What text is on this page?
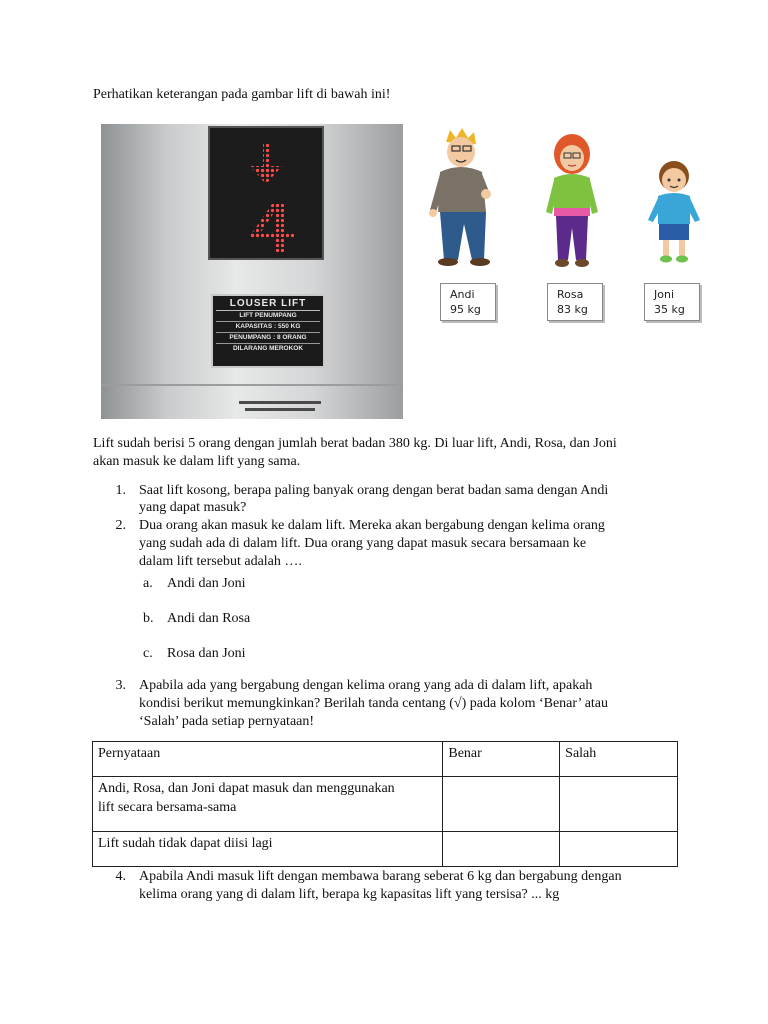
Perhatikan keterangan pada gambar lift di bawah ini!
LOUSER LIFT
LIFT PENUMPANG
KAPASITAS : 550 KG
PENUMPANG : 8 ORANG
DILARANG MEROKOK
Andi
95 kg
Rosa
83 kg
Joni
35 kg
Lift sudah berisi 5 orang dengan jumlah berat badan 380 kg. Di luar lift, Andi, Rosa, dan Joni
akan masuk ke dalam lift yang sama.
1. Saat lift kosong, berapa paling banyak orang dengan berat badan sama dengan Andi
yang dapat masuk?
2. Dua orang akan masuk ke dalam lift. Mereka akan bergabung dengan kelima orang
yang sudah ada di dalam lift. Dua orang yang dapat masuk secara bersamaan ke
dalam lift tersebut adalah ….
a. Andi dan Joni
b. Andi dan Rosa
c. Rosa dan Joni
3. Apabila ada yang bergabung dengan kelima orang yang ada di dalam lift, apakah
kondisi berikut memungkinkan? Berilah tanda centang (√) pada kolom ‘Benar’ atau
‘Salah’ pada setiap pernyataan!
Pernyataan	Benar	Salah

Andi, Rosa, dan Joni dapat masuk dan menggunakan
lift secara bersama-sama		

Lift sudah tidak dapat diisi lagi		

4. Apabila Andi masuk lift dengan membawa barang seberat 6 kg dan bergabung dengan
kelima orang yang di dalam lift, berapa kg kapasitas lift yang tersisa? ... kg
